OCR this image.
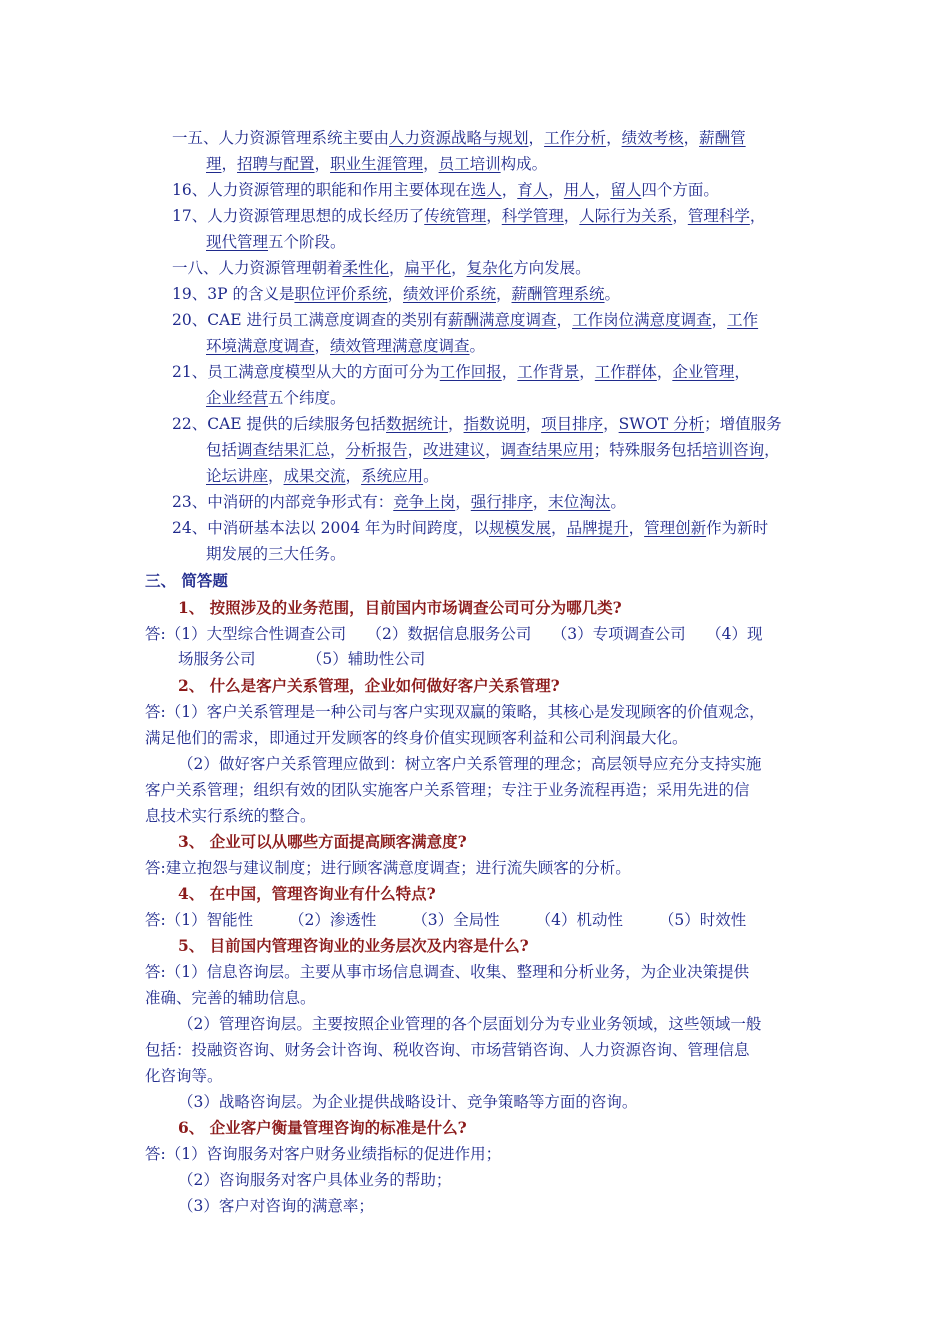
一五、人力资源管理系统主要由人力资源战略与规划，工作分析，绩效考核，薪酬管
理，招聘与配置，职业生涯管理，员工培训构成。
16、人力资源管理的职能和作用主要体现在选人，育人，用人，留人四个方面。
17、人力资源管理思想的成长经历了传统管理，科学管理，人际行为关系，管理科学，
现代管理五个阶段。
一八、人力资源管理朝着柔性化，扁平化，复杂化方向发展。
19、3P 的含义是职位评价系统，绩效评价系统，薪酬管理系统。
20、CAE 进行员工满意度调查的类别有薪酬满意度调查，工作岗位满意度调查，工作
环境满意度调查，绩效管理满意度调查。
21、员工满意度模型从大的方面可分为工作回报，工作背景，工作群体，企业管理，
企业经营五个纬度。
22、CAE 提供的后续服务包括数据统计，指数说明，项目排序，SWOT 分析；增值服务
包括调查结果汇总，分析报告，改进建议，调查结果应用；特殊服务包括培训咨询，
论坛讲座，成果交流，系统应用。
23、中消研的内部竞争形式有：竞争上岗，强行排序，末位淘汰。
24、中消研基本法以 2004 年为时间跨度，以规模发展，品牌提升，管理创新作为新时
期发展的三大任务。
三、 简答题
1、 按照涉及的业务范围，目前国内市场调查公司可分为哪几类?
答:（1）大型综合性调查公司　 （2）数据信息服务公司　 （3）专项调查公司　 （4）现
场服务公司　　　 （5）辅助性公司
2、 什么是客户关系管理，企业如何做好客户关系管理?
答:（1）客户关系管理是一种公司与客户实现双赢的策略，其核心是发现顾客的价值观念，
满足他们的需求，即通过开发顾客的终身价值实现顾客利益和公司利润最大化。
（2）做好客户关系管理应做到：树立客户关系管理的理念；高层领导应充分支持实施
客户关系管理；组织有效的团队实施客户关系管理；专注于业务流程再造；采用先进的信
息技术实行系统的整合。
3、 企业可以从哪些方面提高顾客满意度?
答:建立抱怨与建议制度；进行顾客满意度调查；进行流失顾客的分析。
4、 在中国，管理咨询业有什么特点?
答:（1）智能性　　 （2）渗透性　　 （3）全局性　　 （4）机动性　　 （5）时效性
5、 目前国内管理咨询业的业务层次及内容是什么?
答:（1）信息咨询层。主要从事市场信息调查、收集、整理和分析业务，为企业决策提供
准确、完善的辅助信息。
（2）管理咨询层。主要按照企业管理的各个层面划分为专业业务领域，这些领域一般
包括：投融资咨询、财务会计咨询、税收咨询、市场营销咨询、人力资源咨询、管理信息
化咨询等。
（3）战略咨询层。为企业提供战略设计、竞争策略等方面的咨询。
6、 企业客户衡量管理咨询的标准是什么?
答:（1）咨询服务对客户财务业绩指标的促进作用；
（2）咨询服务对客户具体业务的帮助；
（3）客户对咨询的满意率；
